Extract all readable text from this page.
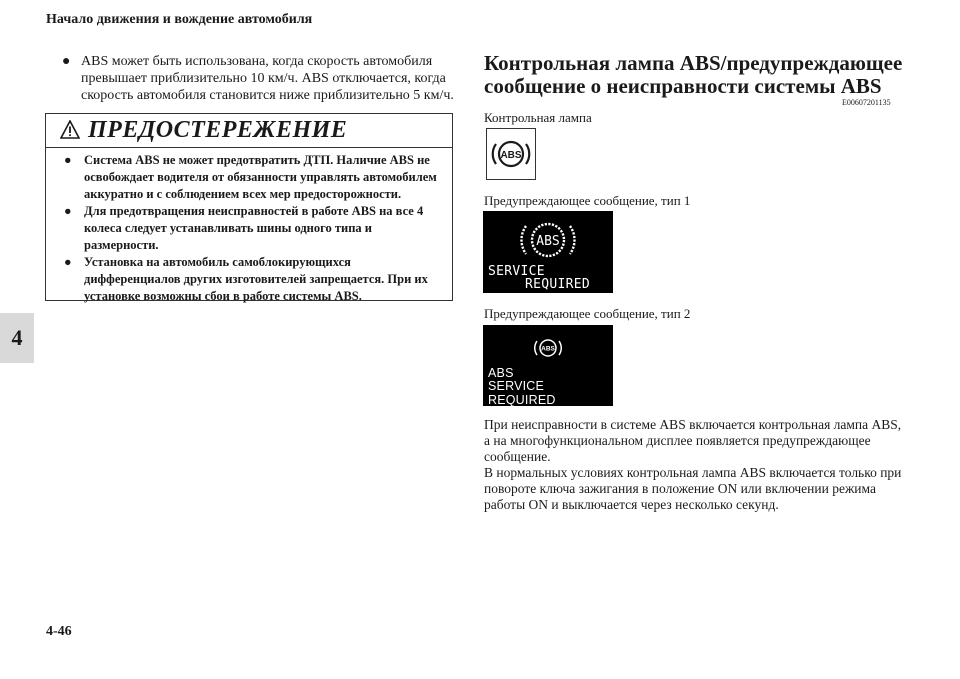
Начало движения и вождение автомобиля
4
4-46
● ABS может быть использована, когда скорость автомобиля превышает приблизительно 10 км/ч. ABS отключается, когда скорость автомобиля становится ниже приблизительно 5 км/ч.
ПРЕДОСТЕРЕЖЕНИЕ
● Система ABS не может предотвратить ДТП. Наличие ABS не освобождает водителя от обязанности управлять автомобилем аккуратно и с соблюдением всех мер предосторожности.
● Для предотвращения неисправностей в работе ABS на все 4 колеса следует устанавливать шины одного типа и размерности.
● Установка на автомобиль самоблокирующихся дифференциалов других изготовителей запрещается. При их установке возможны сбои в работе системы ABS.
Контрольная лампа ABS/предупреждающее сообщение о неисправности системы ABS
E00607201135
Контрольная лампа
ABS
Предупреждающее сообщение, тип 1
ABS
SERVICE
REQUIRED
Предупреждающее сообщение, тип 2
ABS
ABS
SERVICE REQUIRED

При неисправности в системе ABS включается контрольная лампа ABS, а на многофункциональном дисплее появляется предупреждающее сообщение.

В нормальных условиях контрольная лампа ABS включается только при повороте ключа зажигания в положение ON или включении режима работы ON и выключается через несколько секунд.
